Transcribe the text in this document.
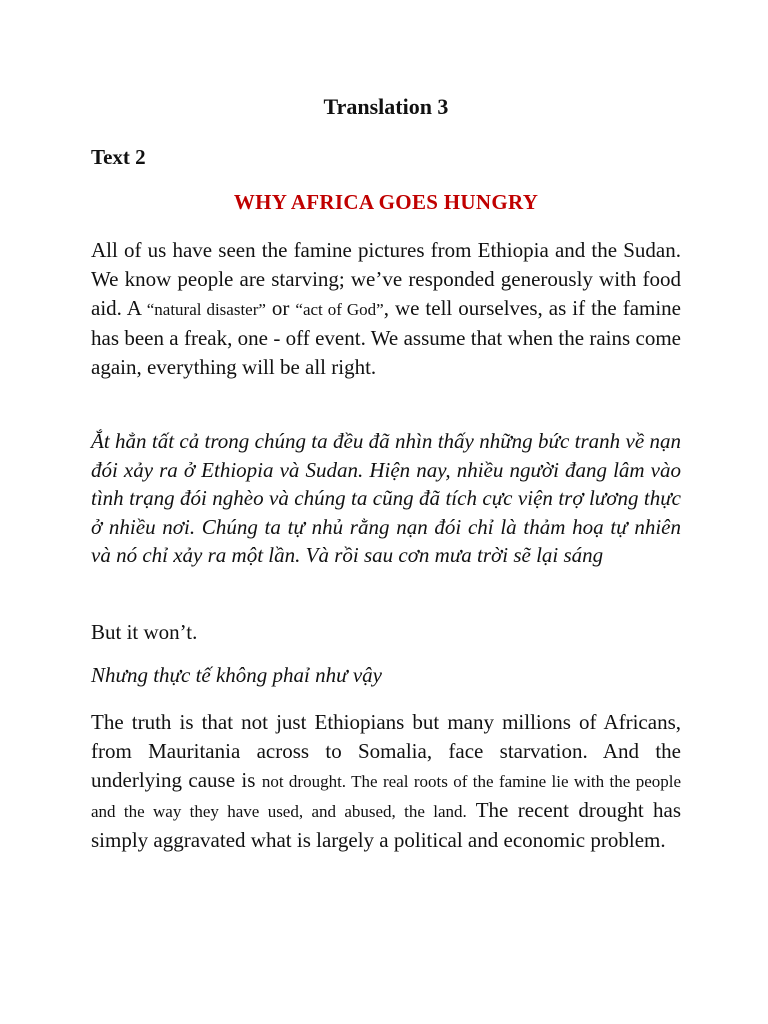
Translation 3
Text 2
WHY AFRICA GOES HUNGRY

All of us have seen the famine pictures from Ethiopia and the Sudan. We know people are starving; we’ve responded generously with food aid. A “natural disaster” or “act of God”, we tell ourselves, as if the famine has been a freak, one - off event. We assume that when the rains come again, everything will be all right.

Ắt hẳn tất cả trong chúng ta đều đã nhìn thấy những bức tranh về nạn đói xảy ra ở Ethiopia và Sudan. Hiện nay, nhiều người đang lâm vào tình trạng đói nghèo và chúng ta cũng đã tích cực viện trợ lương thực ở nhiều nơi. Chúng ta tự nhủ rằng nạn đói chỉ là thảm hoạ tự nhiên và nó chỉ xảy ra một lần. Và rồi sau cơn mưa trời sẽ lại sáng

But it won’t.

Nhưng thực tế không phaỉ như vậy

The truth is that not just Ethiopians but many millions of Africans, from Mauritania across to Somalia, face starvation. And the underlying cause is not drought. The real roots of the famine lie with the people and the way they have used, and abused, the land. The recent drought has simply aggravated what is largely a political and economic problem.
